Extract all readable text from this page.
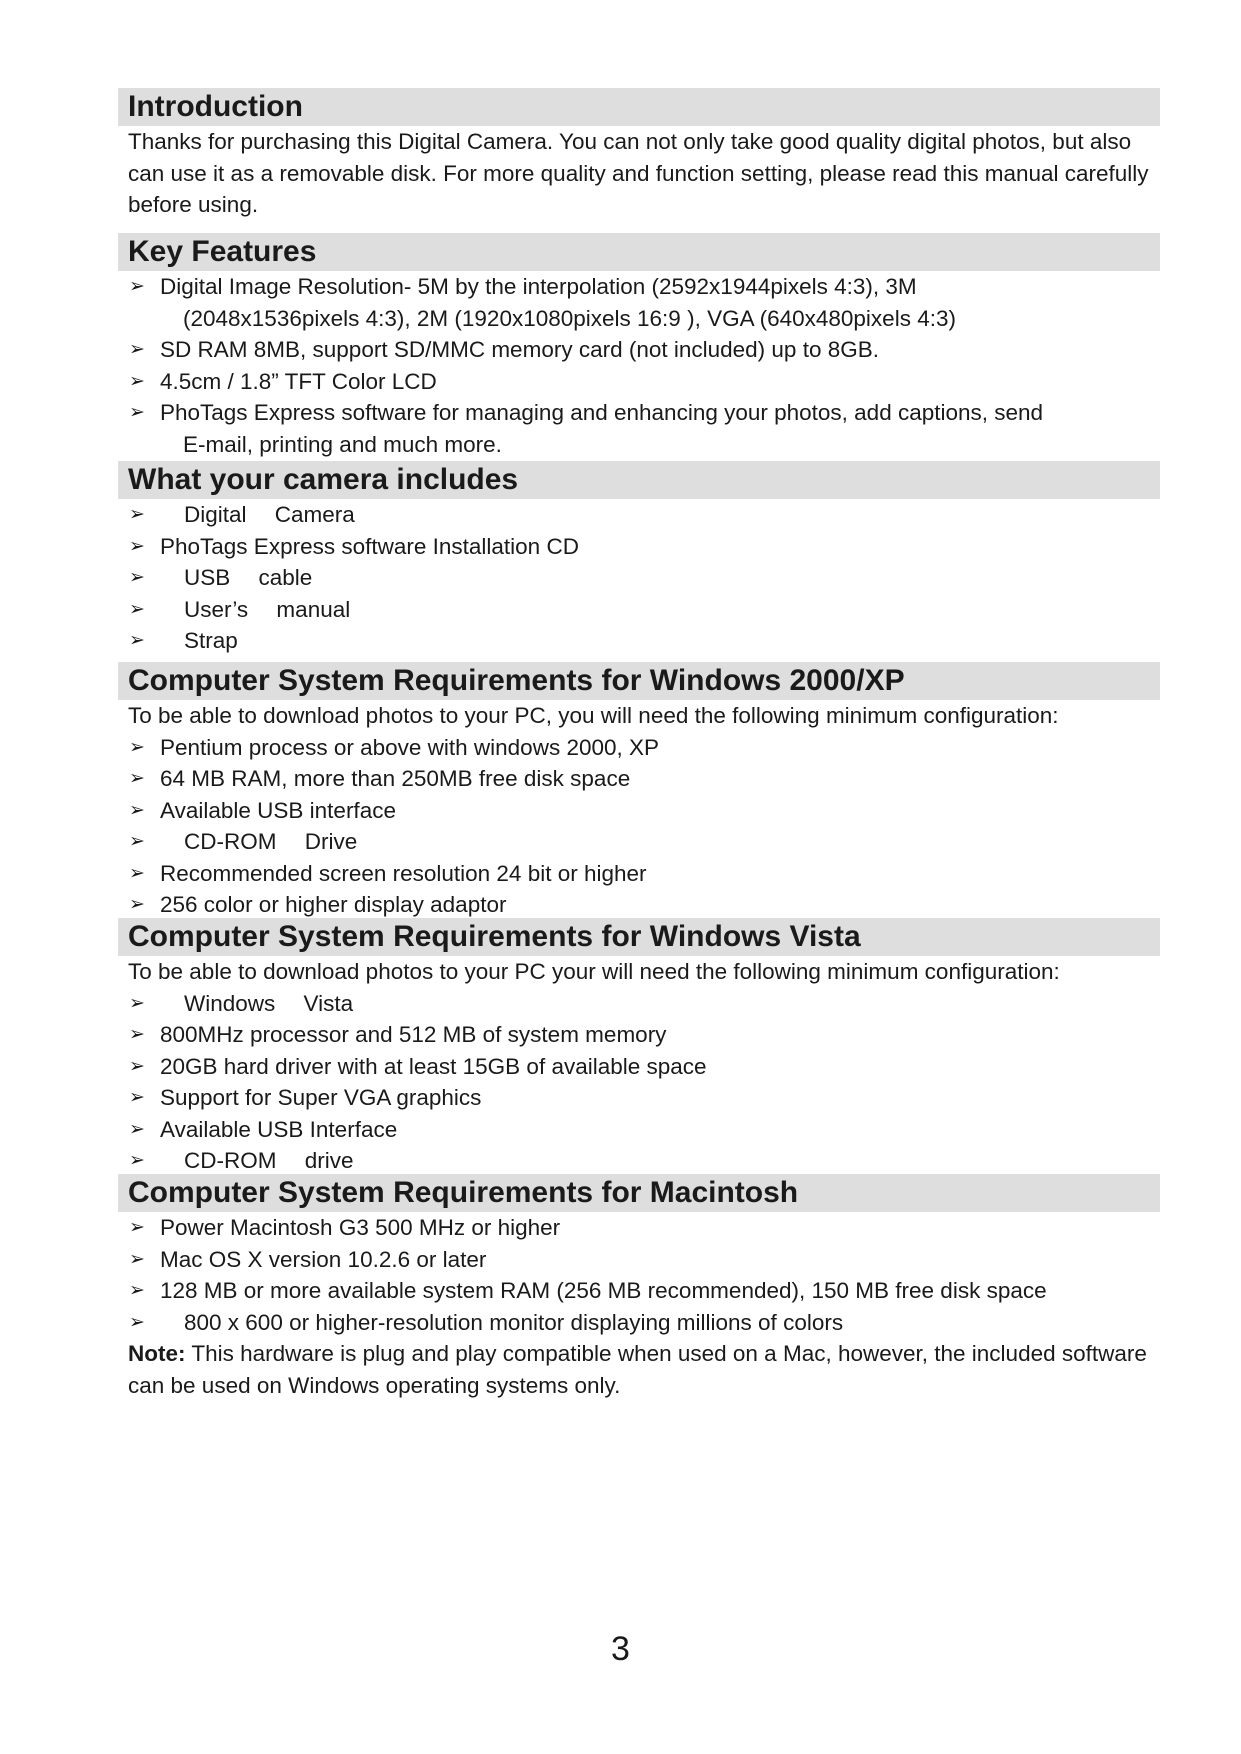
Introduction

Thanks for purchasing this Digital Camera. You can not only take good quality digital photos, but also can use it as a removable disk. For more quality and function setting, please read this manual carefully before using.

Key Features
➢ Digital Image Resolution- 5M by the interpolation (2592x1944pixels 4:3), 3M
(2048x1536pixels 4:3), 2M (1920x1080pixels 16:9 ), VGA (640x480pixels 4:3)
➢ SD RAM 8MB, support SD/MMC memory card (not included) up to 8GB.
➢ 4.5cm / 1.8” TFT Color LCD
➢ PhoTags Express software for managing and enhancing your photos, add captions, send
E-mail, printing and much more.
What your camera includes
➢ Digital Camera
➢ PhoTags Express software Installation CD
➢ USB cable
➢ User’s manual
➢ Strap
Computer System Requirements for Windows 2000/XP

To be able to download photos to your PC, you will need the following minimum configuration:

➢ Pentium process or above with windows 2000, XP
➢ 64 MB RAM, more than 250MB free disk space
➢ Available USB interface
➢ CD-ROM Drive
➢ Recommended screen resolution 24 bit or higher
➢ 256 color or higher display adaptor
Computer System Requirements for Windows Vista

To be able to download photos to your PC your will need the following minimum configuration:

➢ Windows Vista
➢ 800MHz processor and 512 MB of system memory
➢ 20GB hard driver with at least 15GB of available space
➢ Support for Super VGA graphics
➢ Available USB Interface
➢ CD-ROM drive
Computer System Requirements for Macintosh
➢ Power Macintosh G3 500 MHz or higher
➢ Mac OS X version 10.2.6 or later
➢ 128 MB or more available system RAM (256 MB recommended), 150 MB free disk space
➢ 800 x 600 or higher-resolution monitor displaying millions of colors

Note: This hardware is plug and play compatible when used on a Mac, however, the included software can be used on Windows operating systems only.

3
